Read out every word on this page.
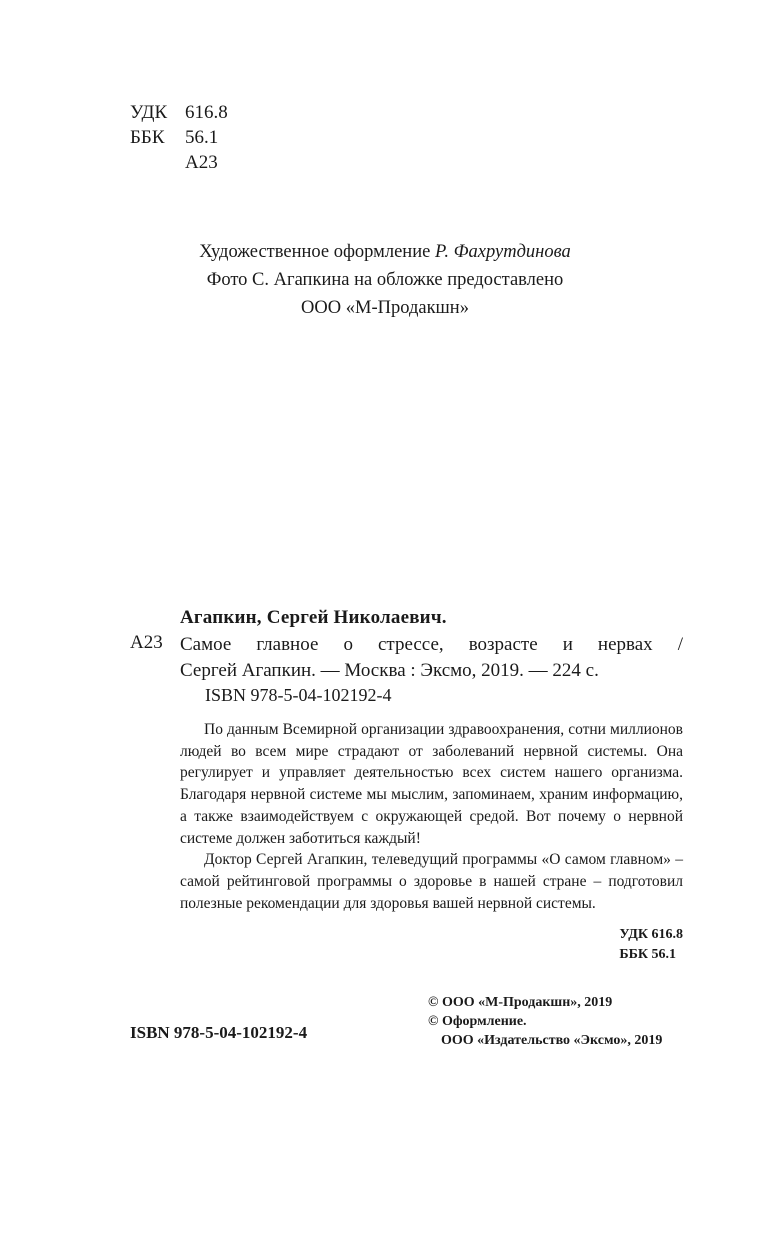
УДК 616.8
ББК 56.1
А23
Художественное оформление Р. Фахрутдинова
Фото С. Агапкина на обложке предоставлено
ООО «М-Продакшн»
Агапкин, Сергей Николаевич.
А23 Самое главное о стрессе, возрасте и нервах /
Сергей Агапкин. — Москва : Эксмо, 2019. — 224 с.
ISBN 978-5-04-102192-4

По данным Всемирной организации здравоохранения, сотни миллионов людей во всем мире страдают от заболеваний нервной системы. Она регулирует и управляет деятельностью всех систем нашего организма. Благодаря нервной системе мы мыслим, запоминаем, храним информацию, а также взаимодействуем с окружающей средой. Вот почему о нервной системе должен заботиться каждый!

Доктор Сергей Агапкин, телеведущий программы «О самом главном» – самой рейтинговой программы о здоровье в нашей стране – подготовил полезные рекомендации для здоровья вашей нервной системы.

УДК 616.8
ББК 56.1
© ООО «М-Продакшн», 2019
© Оформление.
ООО «Издательство «Эксмо», 2019
ISBN 978-5-04-102192-4
